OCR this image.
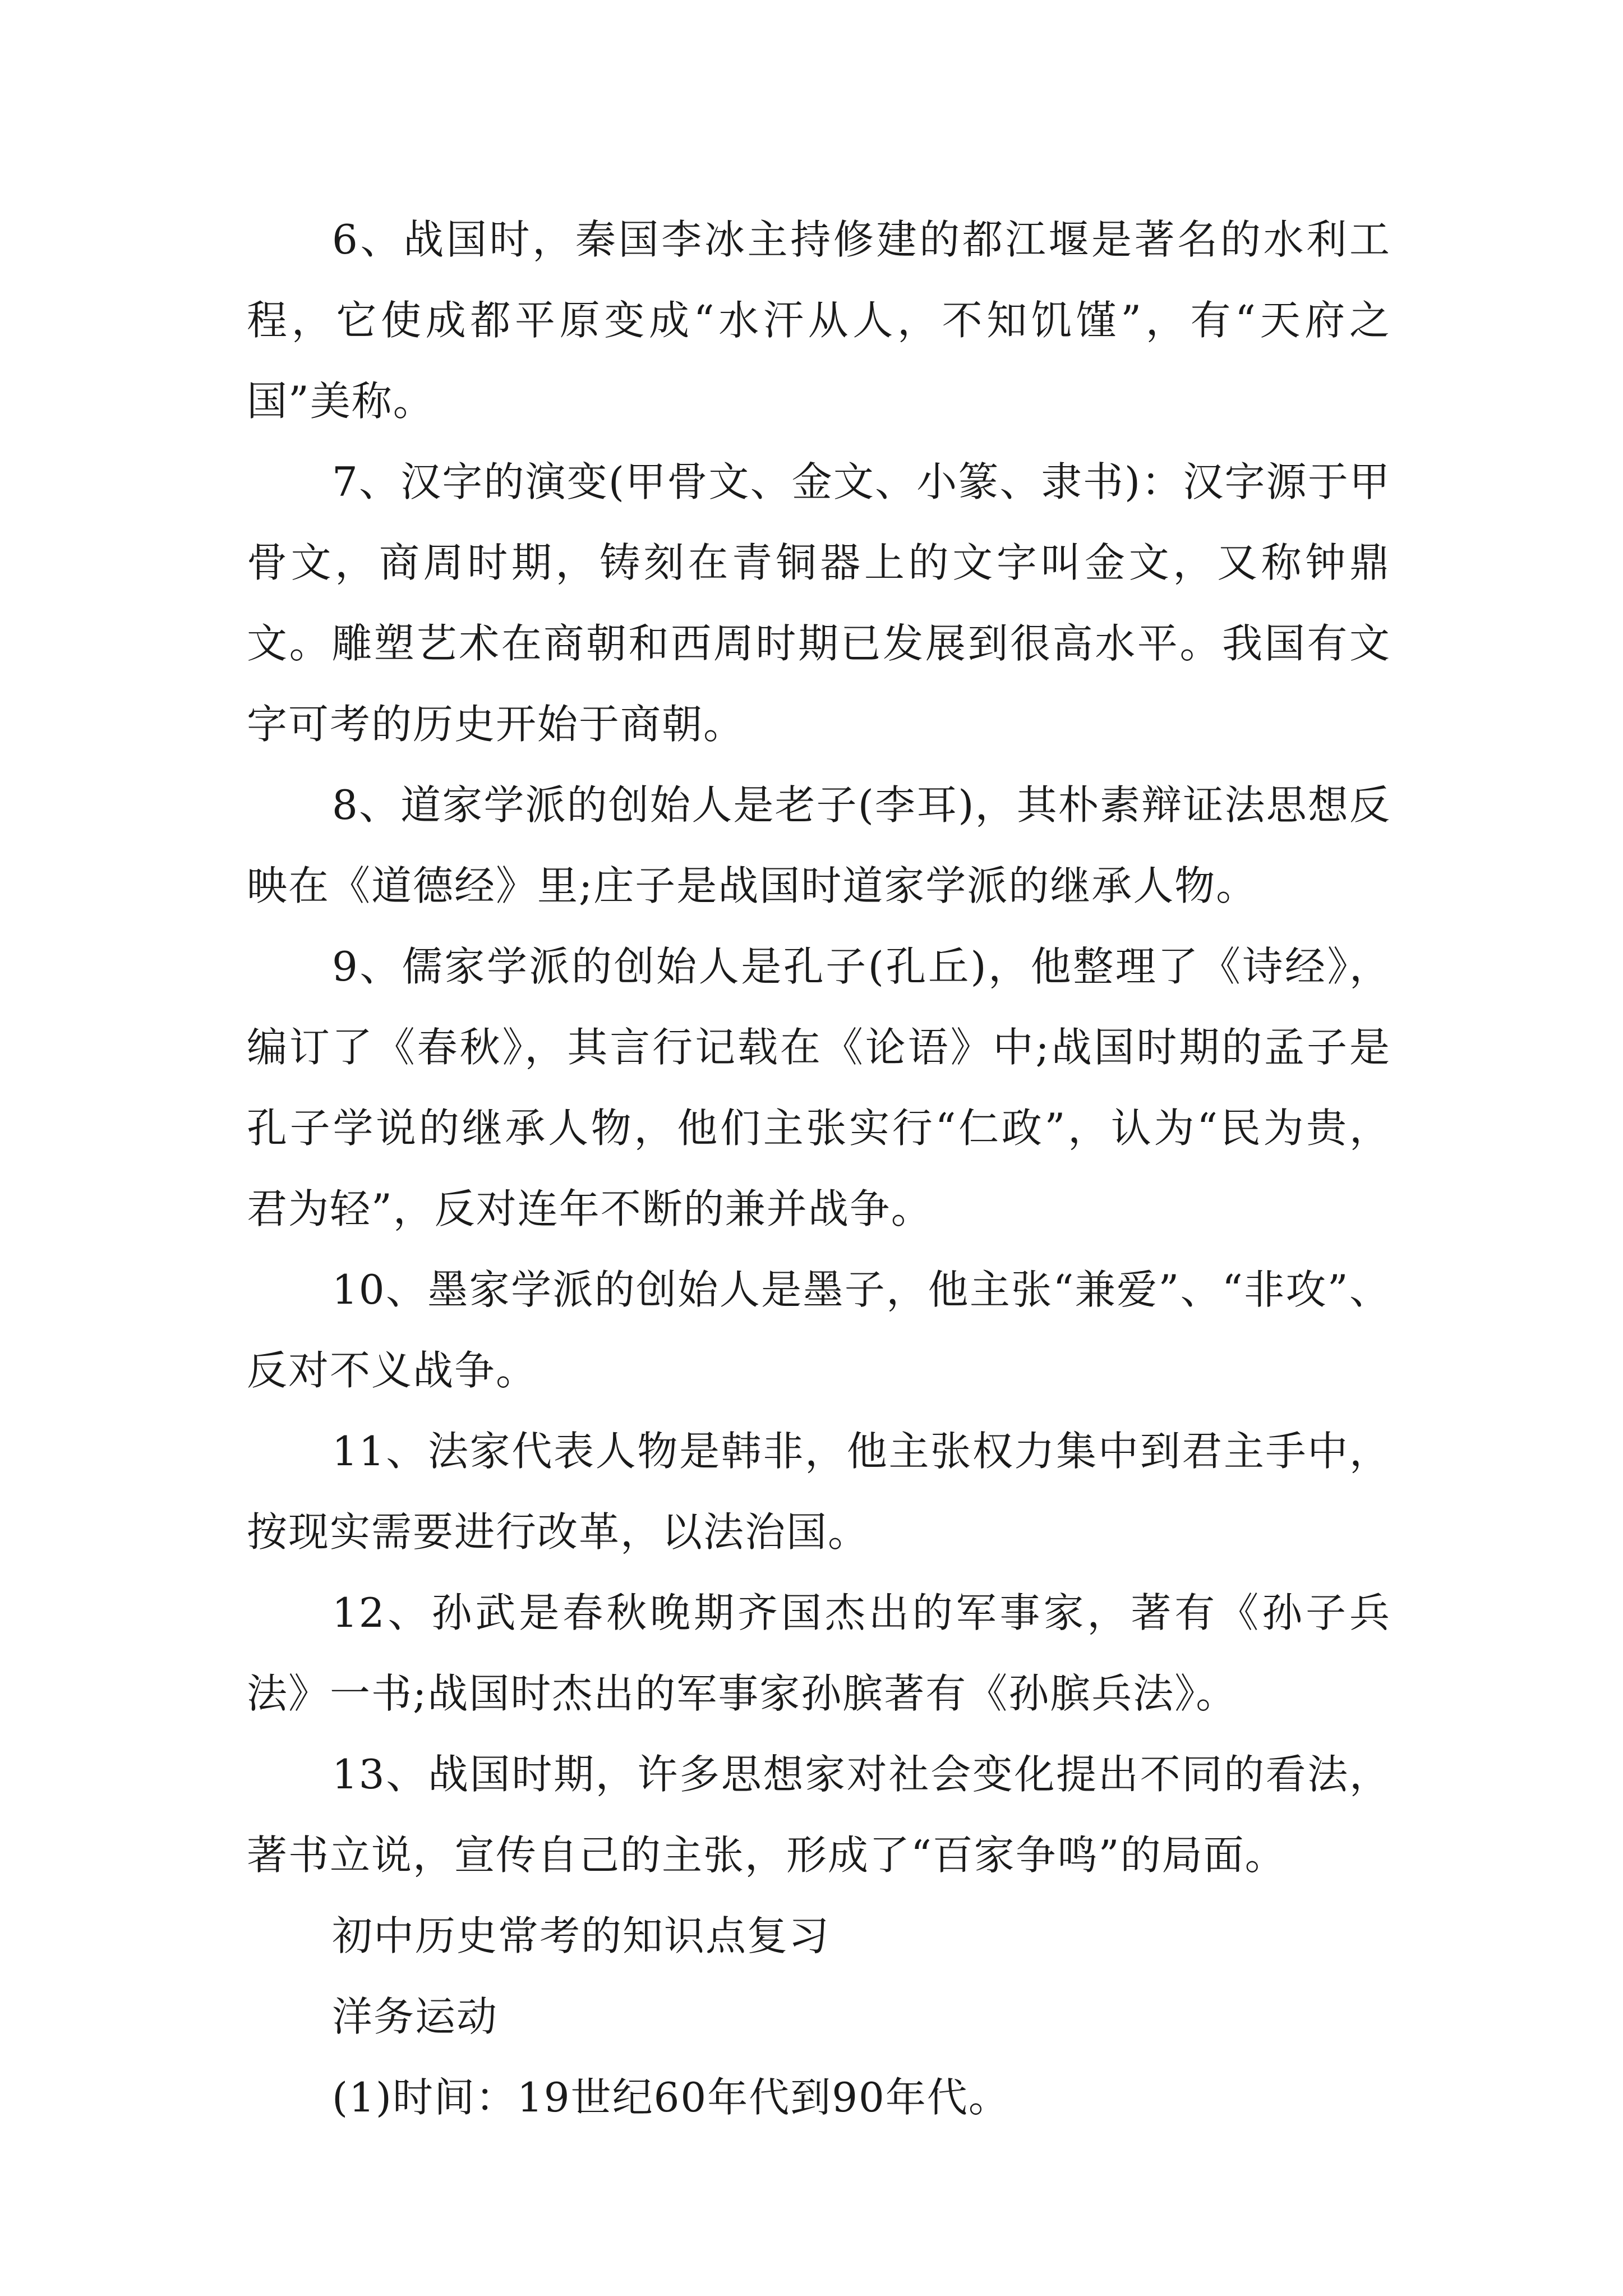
6、战国时，秦国李冰主持修建的都江堰是著名的水利工程，它使成都平原变成“水汗从人，不知饥馑”，有“天府之国”美称。

7、汉字的演变(甲骨文、金文、小篆、隶书)：汉字源于甲骨文，商周时期，铸刻在青铜器上的文字叫金文，又称钟鼎文。雕塑艺术在商朝和西周时期已发展到很高水平。我国有文字可考的历史开始于商朝。

8、道家学派的创始人是老子(李耳)，其朴素辩证法思想反映在《道德经》里;庄子是战国时道家学派的继承人物。

9、儒家学派的创始人是孔子(孔丘)，他整理了《诗经》，编订了《春秋》，其言行记载在《论语》中;战国时期的孟子是孔子学说的继承人物，他们主张实行“仁政”，认为“民为贵，君为轻”，反对连年不断的兼并战争。

10、墨家学派的创始人是墨子，他主张“兼爱”、“非攻”、反对不义战争。

11、法家代表人物是韩非，他主张权力集中到君主手中，按现实需要进行改革，以法治国。

12、孙武是春秋晚期齐国杰出的军事家，著有《孙子兵法》一书;战国时杰出的军事家孙膑著有《孙膑兵法》。

13、战国时期，许多思想家对社会变化提出不同的看法，著书立说，宣传自己的主张，形成了“百家争鸣”的局面。

初中历史常考的知识点复习

洋务运动

(1)时间：19世纪60年代到90年代。
